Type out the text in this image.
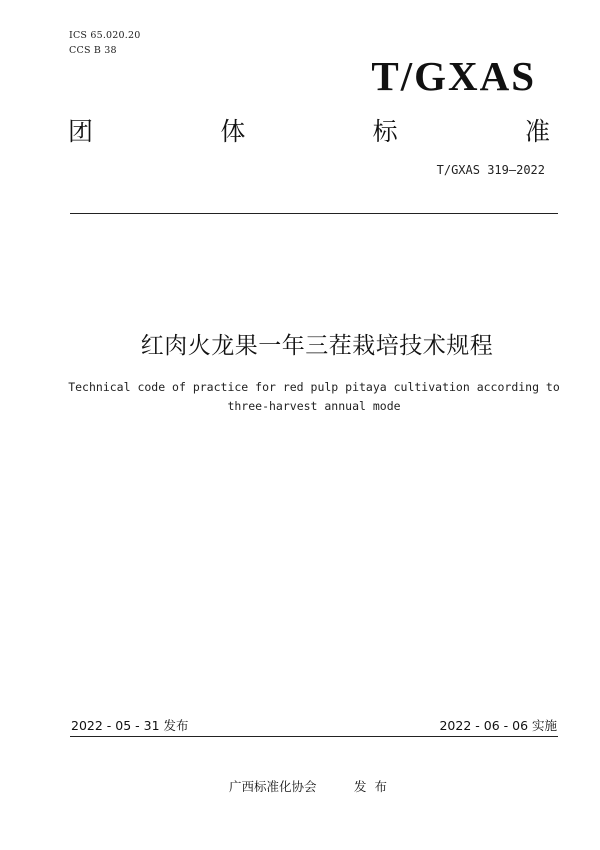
ICS 65.020.20
CCS B 38
T/GXAS
团	体	标	准
T/GXAS 319—2022
红肉火龙果一年三茬栽培技术规程
Technical code of practice for red pulp pitaya cultivation according to three-harvest annual mode
2022 - 05 - 31 发布	2022 - 06 - 06 实施
广西标准化协会	发布
